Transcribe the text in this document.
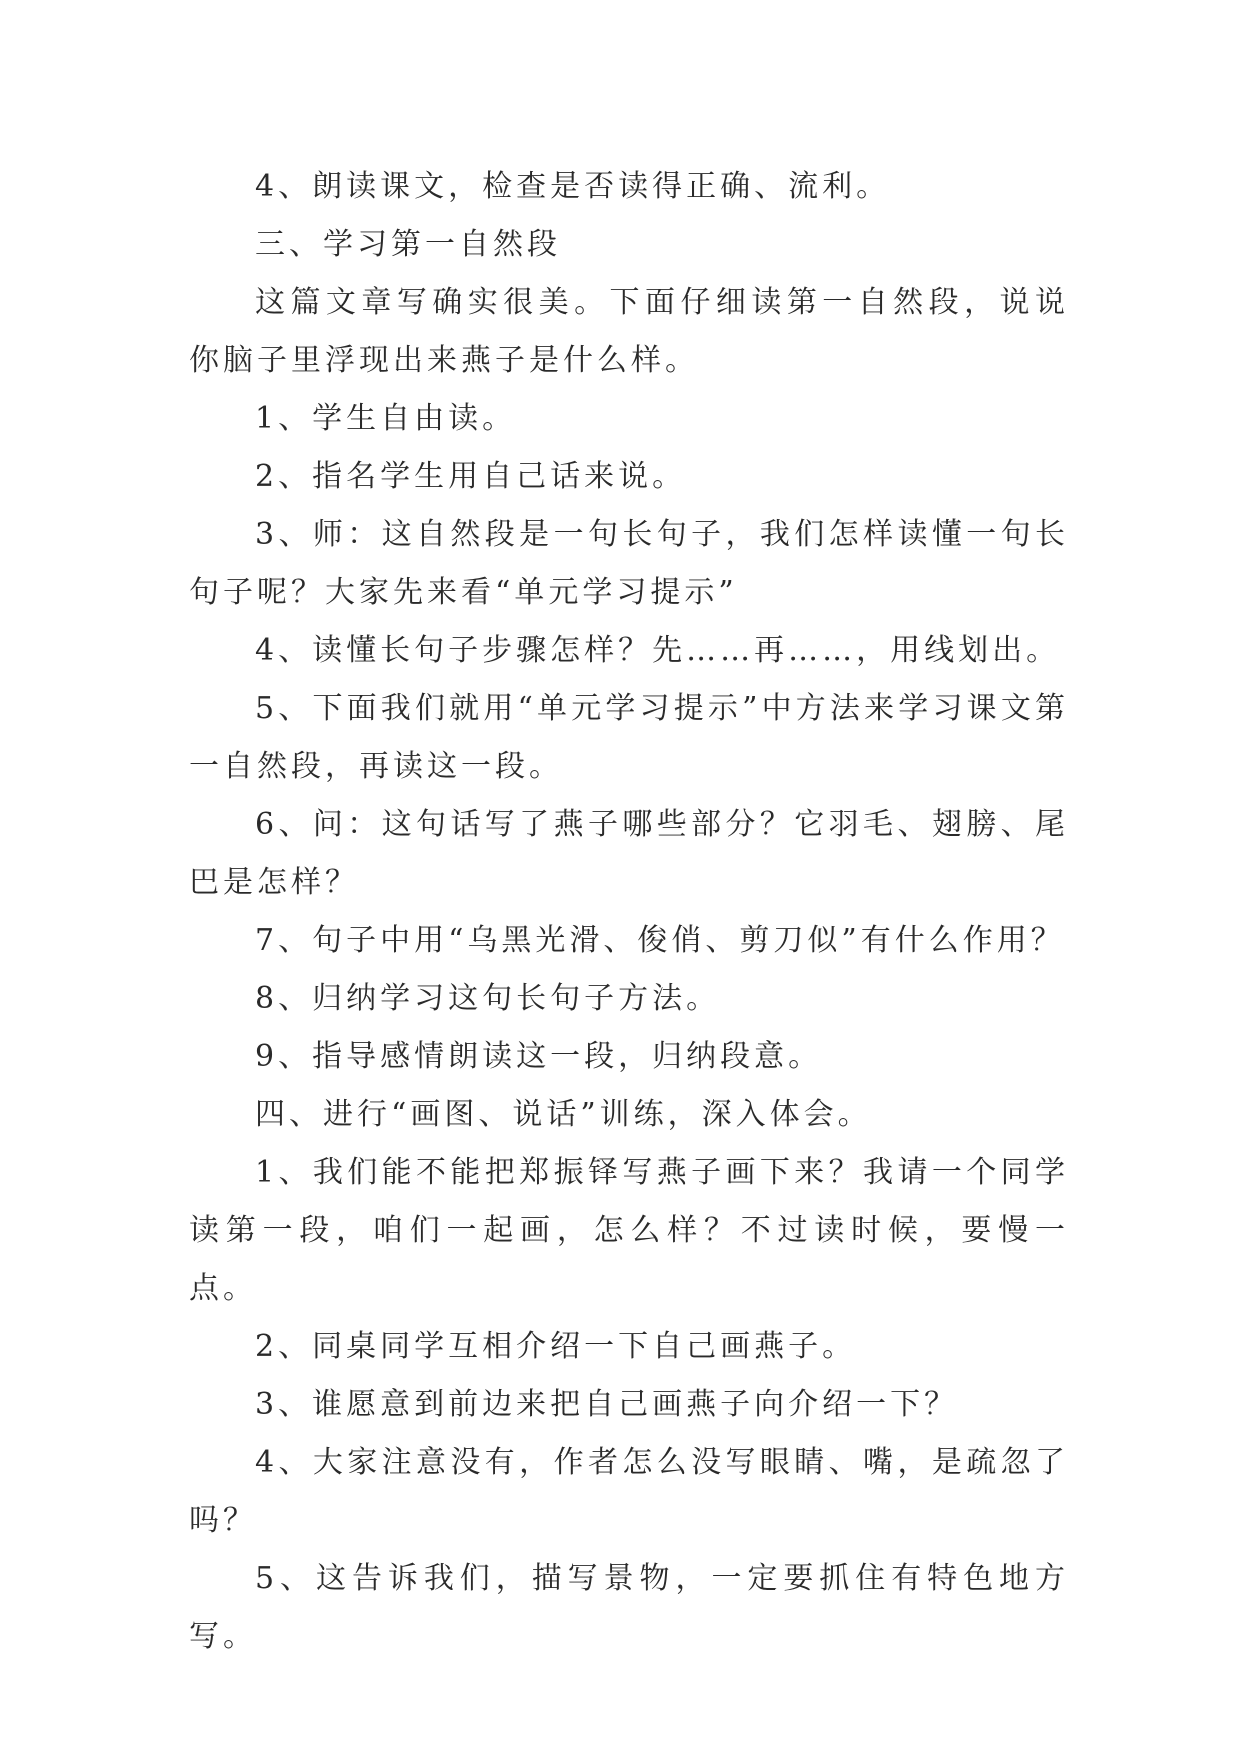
4、朗读课文，检查是否读得正确、流利。

三、学习第一自然段

这篇文章写确实很美。下面仔细读第一自然段，说说你脑子里浮现出来燕子是什么样。

1、学生自由读。

2、指名学生用自己话来说。

3、师：这自然段是一句长句子，我们怎样读懂一句长句子呢？大家先来看“单元学习提示”

4、读懂长句子步骤怎样？先……再……，用线划出。

5、下面我们就用“单元学习提示”中方法来学习课文第一自然段，再读这一段。

6、问：这句话写了燕子哪些部分？它羽毛、翅膀、尾巴是怎样？

7、句子中用“乌黑光滑、俊俏、剪刀似”有什么作用？

8、归纳学习这句长句子方法。

9、指导感情朗读这一段，归纳段意。

四、进行“画图、说话”训练，深入体会。

1、我们能不能把郑振铎写燕子画下来？我请一个同学读第一段，咱们一起画，怎么样？不过读时候，要慢一点。

2、同桌同学互相介绍一下自己画燕子。

3、谁愿意到前边来把自己画燕子向介绍一下？

4、大家注意没有，作者怎么没写眼睛、嘴，是疏忽了吗？

5、这告诉我们，描写景物，一定要抓住有特色地方写。
